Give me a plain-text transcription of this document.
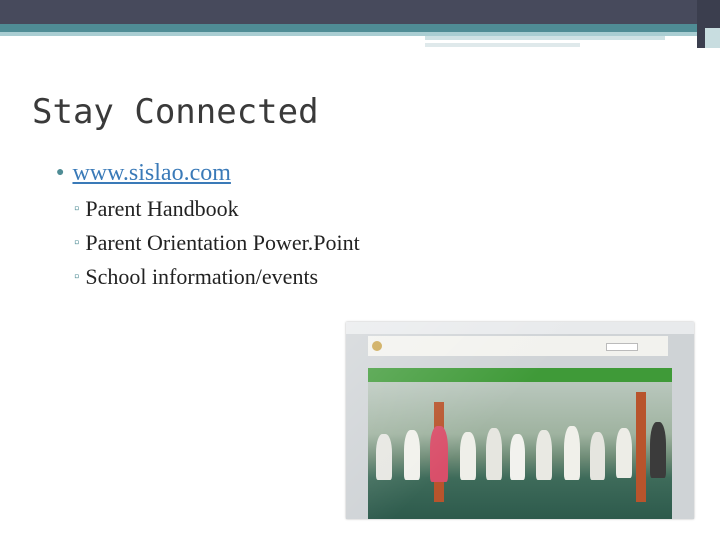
Stay Connected
● www.sislao.com
▫ Parent Handbook
▫ Parent Orientation Power.Point
▫ School information/events
